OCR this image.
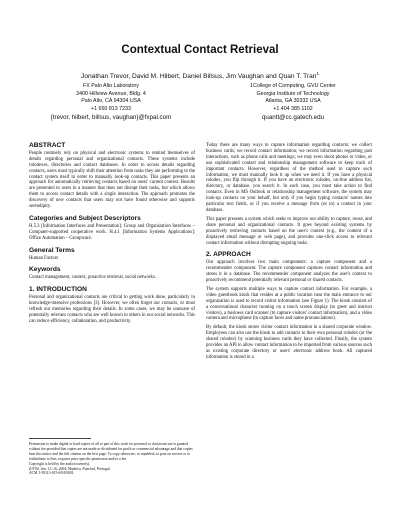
Contextual Contact Retrieval
Jonathan Trevor, David M. Hilbert, Daniel Billsus, Jim Vaughan and Quan T. Tran$^1$
FX Palo Alto Laboratory
3400 Hillview Avenue, Bldg. 4
Palo Alto, CA 94304 USA
+1 650 813 7233
{trevor, hilbert, billsus, vaughan}@fxpal.com
1College of Computing, GVU Center
Georgia Institute of Technology
Atlanta, GA 30332 USA
+1 404 385 1102
quantt@cc.gatech.edu
ABSTRACT

People routinely rely on physical and electronic systems to remind themselves of details regarding personal and organizational contacts. These systems include rolodexes, directories and contact databases. In order to access details regarding contacts, users must typically shift their attention from tasks they are performing to the contact system itself in order to manually look-up contacts. This paper presents an approach for automatically retrieving contacts based on users' current context. Results are presented to users in a manner that does not disrupt their tasks, but which allows them to access contact details with a single interaction. The approach promotes the discovery of new contacts that users may not have found otherwise and supports serendipity.

Categories and Subject Descriptors

H.5.3 [Information Interfaces and Presentation]: Group and Organization Interfaces – Computer-supported cooperative work. H.4.1 [Information Systems Applications]: Office Automation – Groupware.

General Terms

Human Factors

Keywords

Contact management, context, proactive retrieval, social networks.

1. INTRODUCTION

Personal and organizational contacts are critical to getting work done, particularly in knowledge-intensive professions [3]. However, we often forget our contacts, or must refresh our memories regarding their details. In some cases, we may be unaware of potentially relevant contacts who are well known to others in our social networks. This can reduce efficiency, collaboration, and productivity.

Permission to make digital or hard copies of all or part of this work for personal or classroom use is granted without fee provided that copies are not made or distributed for profit or commercial advantage and that copies bear this notice and the full citation on the first page. To copy otherwise, or republish, to post on servers or to redistribute to lists, requires prior specific permission and/or a fee.
Copyright is held by the author/owner(s).
IUI'04, Jan. 13–16, 2004, Madeira, Funchal, Portugal.
ACM 1-58113-815-6/04/0001.

Today there are many ways to capture information regarding contacts: we collect business cards; we record contact information; we record information regarding past interactions, such as phone calls and meetings; we may even shoot photos or video, or use sophisticated contact and relationship management software to keep track of important contacts. However, regardless of the method used to capture such information, we must manually look it up when we need it. If you have a physical rolodex, you flip through it. If you have an electronic rolodex, on-line address list, directory, or database, you search it. In each case, you must take action to find contacts. Even in MS Outlook or relationship management software, the system may look-up contacts on your behalf, but only if you begin typing contacts' names into particular text fields, or if you receive a message from (or to) a contact in your database.

This paper presents a system which seeks to improve our ability to capture, reuse, and share personal and organizational contacts. It goes beyond existing systems by proactively retrieving contacts based on the user's context (e.g., the content of a displayed email message or web page), and provides one-click access to relevant contact information without disrupting ongoing tasks.

2. APPROACH

Our approach involves two main components: a capture component and a recommender component. The capture component captures contact information and stores it in a database. The recommender component analyzes the user's context to proactively recommend potentially relevant personal or shared contacts.

The system supports multiple ways to capture contact information. For example, a video guestbook kiosk that resides at a public location near the main entrance to our organization is used to record visitor information (see Figure 1). The kiosk consists of a conversational character running on a touch screen display (to greet and instruct visitors), a business card scanner (to capture visitors' contact information), and a video camera and microphone (to capture faces and name pronunciations).

By default, the kiosk stores visitor contact information in a shared corporate window. Employees can also use the kiosk to add contacts to their own personal rolodex (or the shared rolodex) by scanning business cards they have collected. Finally, the system provides an API to allow contact information to be imported from various sources such as existing corporate directory or users' electronic address book. All captured information is stored in a
